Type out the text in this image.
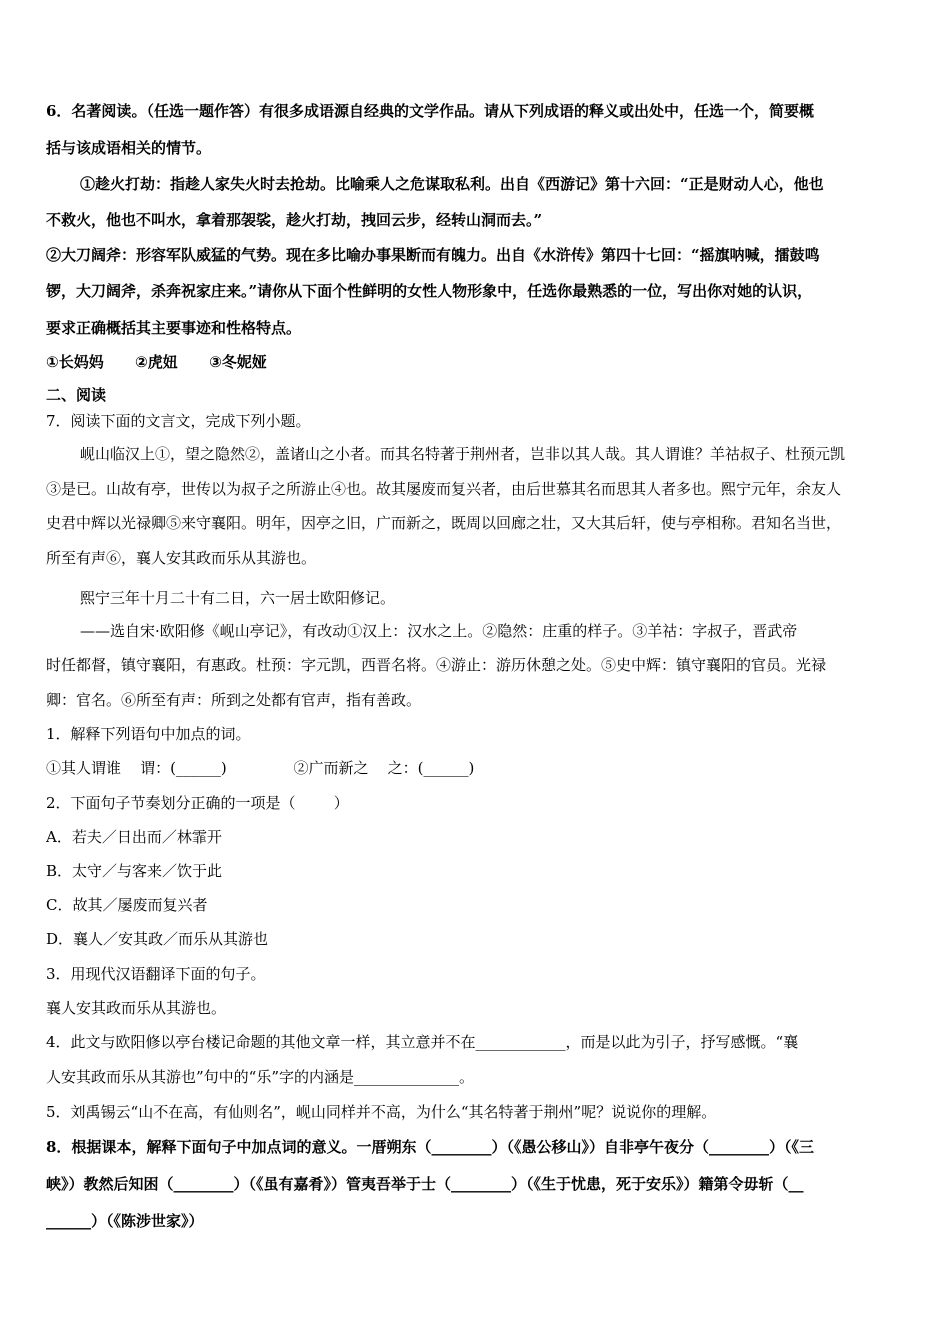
6．名著阅读。（任选一题作答）有很多成语源自经典的文学作品。请从下列成语的释义或出处中，任选一个，简要概
括与该成语相关的情节。
①趁火打劫：指趁人家失火时去抢劫。比喻乘人之危谋取私利。出自《西游记》第十六回：“正是财动人心，他也
不救火，他也不叫水，拿着那袈裟，趁火打劫，拽回云步，经转山洞而去。”
②大刀阔斧：形容军队威猛的气势。现在多比喻办事果断而有魄力。出自《水浒传》第四十七回：“摇旗呐喊，擂鼓鸣
锣，大刀阔斧，杀奔祝家庄来。”请你从下面个性鲜明的女性人物形象中，任选你最熟悉的一位，写出你对她的认识，
要求正确概括其主要事迹和性格特点。
①长妈妈      ②虎妞      ③冬妮娅
二、阅读
7．阅读下面的文言文，完成下列小题。
岘山临汉上①，望之隐然②，盖诸山之小者。而其名特著于荆州者，岂非以其人哉。其人谓谁？羊祜叔子、杜预元凯
③是已。山故有亭，世传以为叔子之所游止④也。故其屡废而复兴者，由后世慕其名而思其人者多也。熙宁元年，余友人
史君中辉以光禄卿⑤来守襄阳。明年，因亭之旧，广而新之，既周以回廊之壮，又大其后轩，使与亭相称。君知名当世，
所至有声⑥，襄人安其政而乐从其游也。
熙宁三年十月二十有二日，六一居士欧阳修记。
——选自宋·欧阳修《岘山亭记》，有改动①汉上：汉水之上。②隐然：庄重的样子。③羊祜：字叔子，晋武帝
时任都督，镇守襄阳，有惠政。杜预：字元凯，西晋名将。④游止：游历休憩之处。⑤史中辉：镇守襄阳的官员。光禄
卿：官名。⑥所至有声：所到之处都有官声，指有善政。
1．解释下列语句中加点的词。
①其人谓谁    谓：(______)              ②广而新之    之：(______)
2．下面句子节奏划分正确的一项是（        ）
A．若夫／日出而／林霏开
B．太守／与客来／饮于此
C．故其／屡废而复兴者
D．襄人／安其政／而乐从其游也
3．用现代汉语翻译下面的句子。
襄人安其政而乐从其游也。
4．此文与欧阳修以亭台楼记命题的其他文章一样，其立意并不在____________，而是以此为引子，抒写感慨。“襄
人安其政而乐从其游也”句中的“乐”字的内涵是______________。
5．刘禹锡云“山不在高，有仙则名”，岘山同样并不高，为什么“其名特著于荆州”呢？说说你的理解。
8．根据课本，解释下面句子中加点词的意义。一厝朔东（________）（《愚公移山》）自非亭午夜分（________）（《三
峡》）教然后知困（________）（《虽有嘉肴》）管夷吾举于士（________）（《生于忧患，死于安乐》）籍第令毋斩（__
______）（《陈涉世家》）
